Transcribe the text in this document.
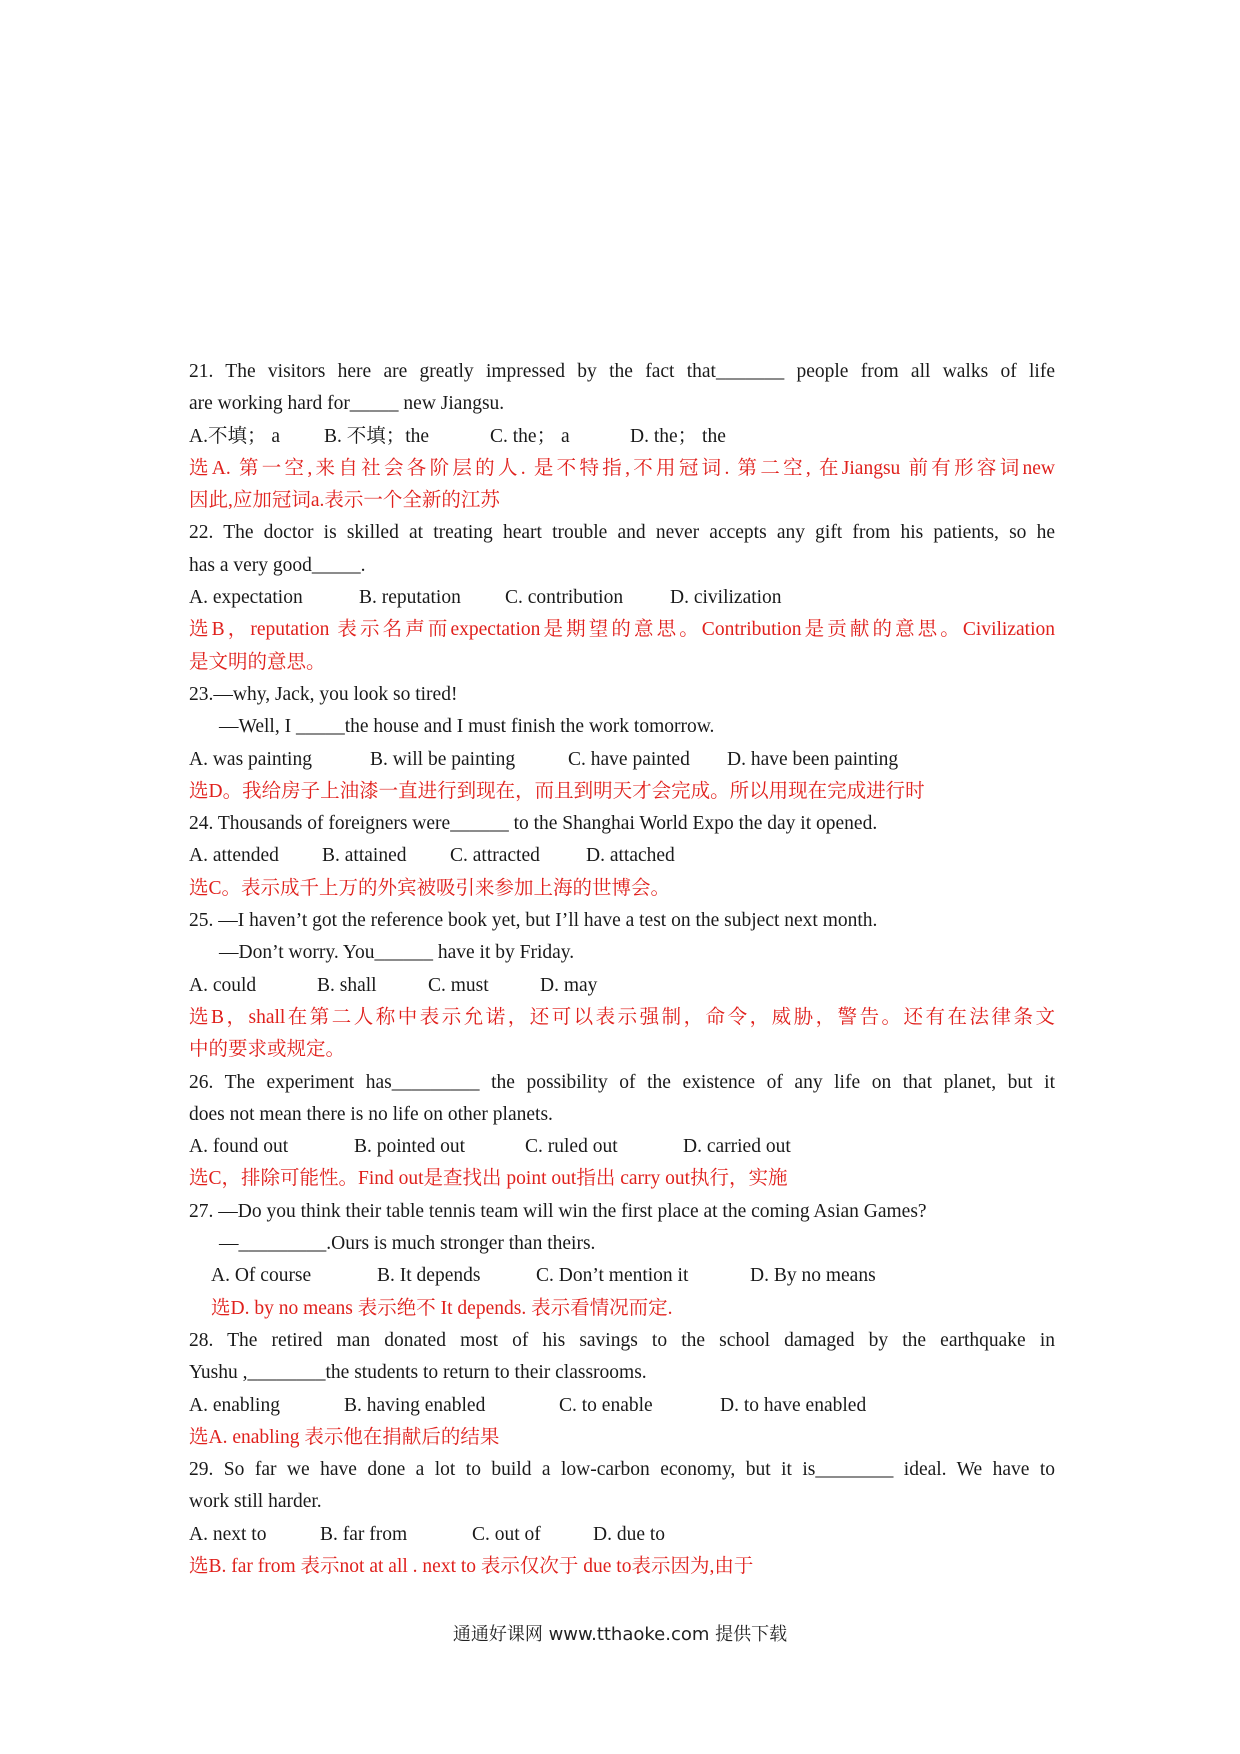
21. The visitors here are greatly impressed by the fact that_______ people from all walks of life
are working hard for_____ new Jiangsu.
A.不填； a B. 不填；the	C. the； a	D. the； the
选A. 第一空,来自社会各阶层的人. 是不特指,不用冠词. 第二空, 在Jiangsu 前有形容词new
因此,应加冠词a.表示一个全新的江苏
22. The doctor is skilled at treating heart trouble and never accepts any gift from his patients, so he
has a very good_____.
A. expectation	B. reputation C. contribution D. civilization
选B，reputation 表示名声而expectation是期望的意思。Contribution是贡献的意思。Civilization
是文明的意思。
23.—why, Jack, you look so tired!
—Well, I _____the house and I must finish the work tomorrow.
A. was painting	B. will be painting	C. have painted D. have been painting
选D。我给房子上油漆一直进行到现在，而且到明天才会完成。所以用现在完成进行时
24. Thousands of foreigners were______ to the Shanghai World Expo the day it opened.
A. attended B. attained C. attracted D. attached
选C。表示成千上万的外宾被吸引来参加上海的世博会。
25. —I haven’t got the reference book yet, but I’ll have a test on the subject next month.
—Don’t worry. You______ have it by Friday.
A. could	B. shall	C. must	D. may
选B，shall在第二人称中表示允诺，还可以表示强制，命令，威胁，警告。还有在法律条文
中的要求或规定。
26. The experiment has_________ the possibility of the existence of any life on that planet, but it
does not mean there is no life on other planets.
A. found out	B. pointed out	C. ruled out	D. carried out
选C，排除可能性。Find out是查找出 point out指出 carry out执行，实施
27. —Do you think their table tennis team will win the first place at the coming Asian Games?
—_________.Ours is much stronger than theirs.
A. Of course	B. It depends	C. Don’t mention it	D. By no means
选D. by no means 表示绝不 It depends. 表示看情况而定.
28. The retired man donated most of his savings to the school damaged by the earthquake in
Yushu ,________the students to return to their classrooms.
A. enabling	B. having enabled	C. to enable	D. to have enabled
选A. enabling 表示他在捐献后的结果
29. So far we have done a lot to build a low-carbon economy, but it is________ ideal. We have to
work still harder.
A. next to	B. far from	C. out of	D. due to
选B. far from 表示not at all . next to 表示仅次于 due to表示因为,由于
通通好课网 www.tthaoke.com 提供下载
